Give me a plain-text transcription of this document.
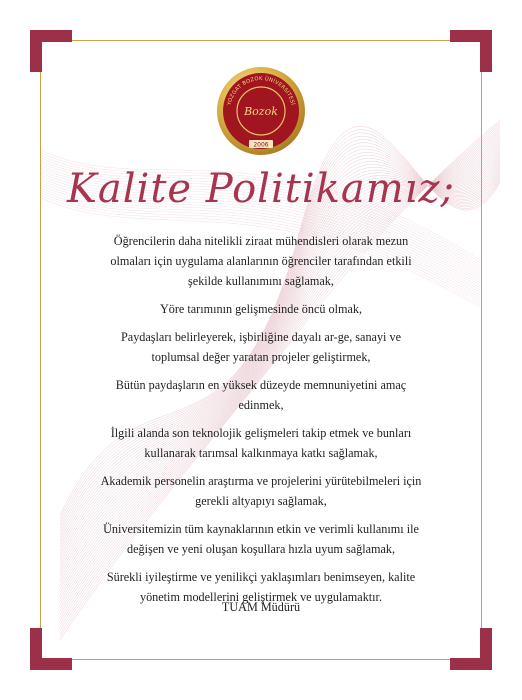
YOZGAT BOZOK ÜNİVERSİTESİ
Bozok
2006
Kalite Politikamız;

Öğrencilerin daha nitelikli ziraat mühendisleri olarak mezun olmaları için uygulama alanlarının öğrenciler tarafından etkili şekilde kullanımını sağlamak,

Yöre tarımının gelişmesinde öncü olmak,

Paydaşları belirleyerek, işbirliğine dayalı ar-ge, sanayi ve toplumsal değer yaratan projeler geliştirmek,

Bütün paydaşların en yüksek düzeyde memnuniyetini amaç edinmek,

İlgili alanda son teknolojik gelişmeleri takip etmek ve bunları kullanarak tarımsal kalkınmaya katkı sağlamak,

Akademik personelin araştırma ve projelerini yürütebilmeleri için gerekli altyapıyı sağlamak,

Üniversitemizin tüm kaynaklarının etkin ve verimli kullanımı ile değişen ve yeni oluşan koşullara hızla uyum sağlamak,

Sürekli iyileştirme ve yenilikçi yaklaşımları benimseyen, kalite yönetim modellerini geliştirmek ve uygulamaktır.

TUAM Müdürü
